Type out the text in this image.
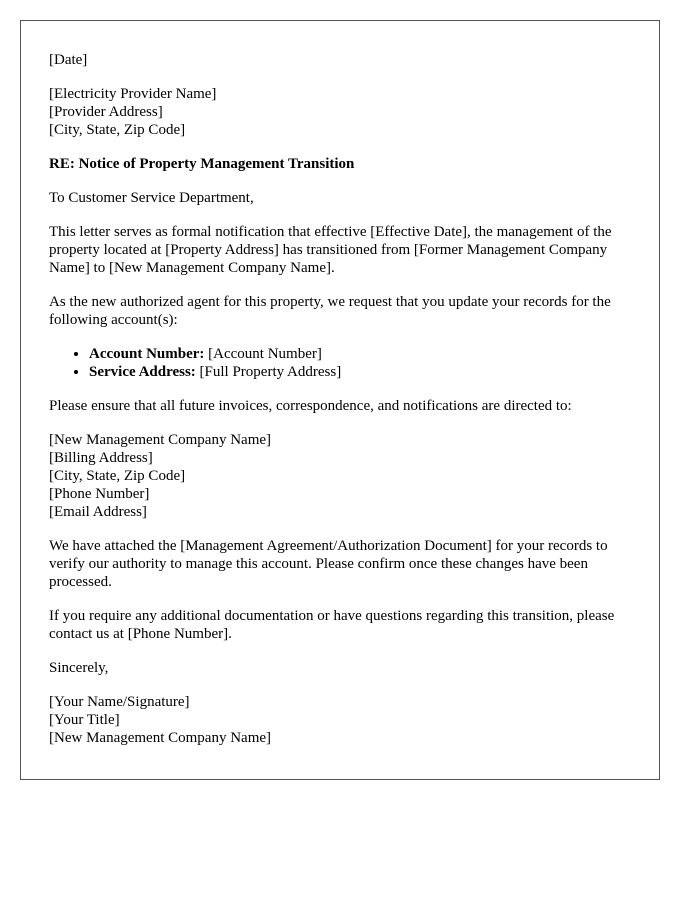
[Date]
[Electricity Provider Name]
[Provider Address]
[City, State, Zip Code]
RE: Notice of Property Management Transition
To Customer Service Department,
This letter serves as formal notification that effective [Effective Date], the management of the property located at [Property Address] has transitioned from [Former Management Company Name] to [New Management Company Name].
As the new authorized agent for this property, we request that you update your records for the following account(s):
• Account Number: [Account Number]
• Service Address: [Full Property Address]
Please ensure that all future invoices, correspondence, and notifications are directed to:
[New Management Company Name]
[Billing Address]
[City, State, Zip Code]
[Phone Number]
[Email Address]
We have attached the [Management Agreement/Authorization Document] for your records to verify our authority to manage this account. Please confirm once these changes have been processed.
If you require any additional documentation or have questions regarding this transition, please contact us at [Phone Number].
Sincerely,
[Your Name/Signature]
[Your Title]
[New Management Company Name]
